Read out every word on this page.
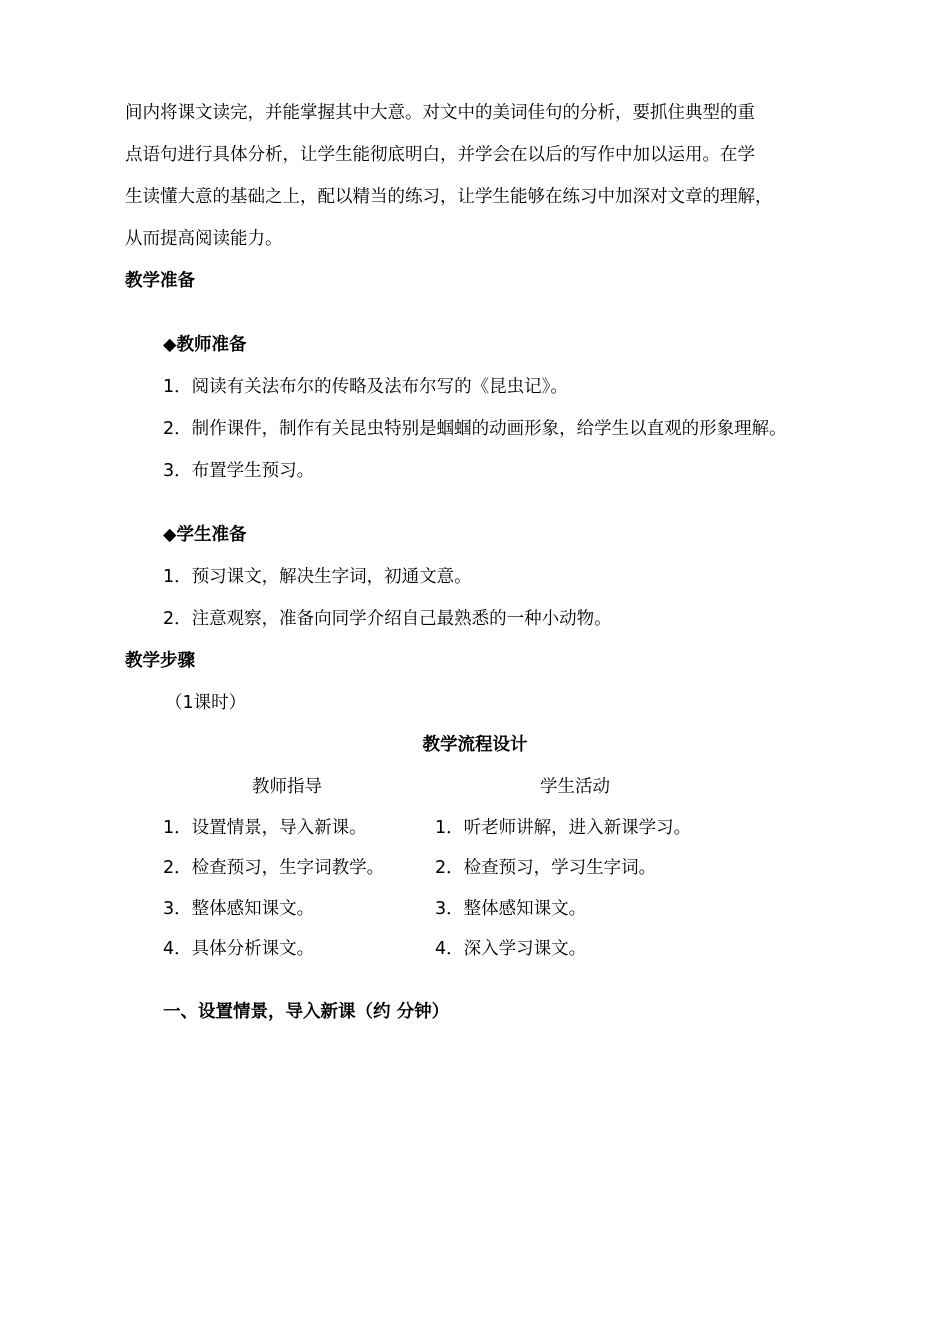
间内将课文读完，并能掌握其中大意。对文中的美词佳句的分析，要抓住典型的重
点语句进行具体分析，让学生能彻底明白，并学会在以后的写作中加以运用。在学
生读懂大意的基础之上，配以精当的练习，让学生能够在练习中加深对文章的理解，
从而提高阅读能力。
教学准备
◆教师准备
1．阅读有关法布尔的传略及法布尔写的《昆虫记》。
2．制作课件，制作有关昆虫特别是蝈蝈的动画形象，给学生以直观的形象理解。
3．布置学生预习。
◆学生准备
1．预习课文，解决生字词，初通文意。
2．注意观察，准备向同学介绍自己最熟悉的一种小动物。
教学步骤
（1课时）
教学流程设计
教师指导	学生活动
1．设置情景，导入新课。	1．听老师讲解，进入新课学习。
2．检查预习，生字词教学。	2．检查预习，学习生字词。
3．整体感知课文。	3．整体感知课文。
4．具体分析课文。	4．深入学习课文。
一、设置情景，导入新课（约 分钟）
